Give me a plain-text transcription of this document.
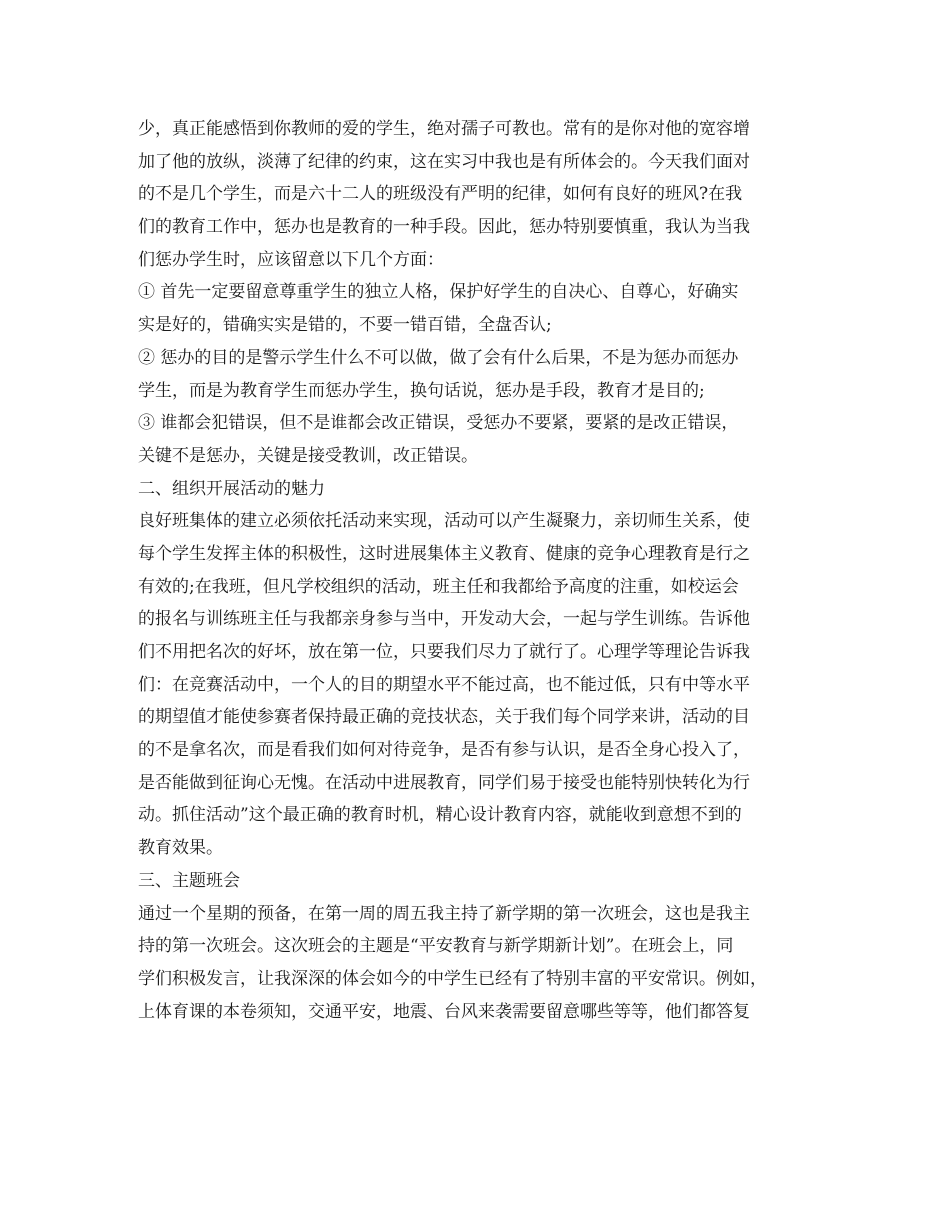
少，真正能感悟到你教师的爱的学生，绝对孺子可教也。常有的是你对他的宽容增
加了他的放纵，淡薄了纪律的约束，这在实习中我也是有所体会的。今天我们面对
的不是几个学生，而是六十二人的班级没有严明的纪律，如何有良好的班风?在我
们的教育工作中，惩办也是教育的一种手段。因此，惩办特别要慎重，我认为当我
们惩办学生时，应该留意以下几个方面：
① 首先一定要留意尊重学生的独立人格，保护好学生的自决心、自尊心，好确实
实是好的，错确实实是错的，不要一错百错，全盘否认;
② 惩办的目的是警示学生什么不可以做，做了会有什么后果，不是为惩办而惩办
学生，而是为教育学生而惩办学生，换句话说，惩办是手段，教育才是目的;
③ 谁都会犯错误，但不是谁都会改正错误，受惩办不要紧，要紧的是改正错误，
关键不是惩办，关键是接受教训，改正错误。
二、组织开展活动的魅力
良好班集体的建立必须依托活动来实现，活动可以产生凝聚力，亲切师生关系，使
每个学生发挥主体的积极性，这时进展集体主义教育、健康的竞争心理教育是行之
有效的;在我班，但凡学校组织的活动，班主任和我都给予高度的注重，如校运会
的报名与训练班主任与我都亲身参与当中，开发动大会，一起与学生训练。告诉他
们不用把名次的好坏，放在第一位，只要我们尽力了就行了。心理学等理论告诉我
们：在竞赛活动中，一个人的目的期望水平不能过高，也不能过低，只有中等水平
的期望值才能使参赛者保持最正确的竞技状态，关于我们每个同学来讲，活动的目
的不是拿名次，而是看我们如何对待竞争，是否有参与认识，是否全身心投入了，
是否能做到征询心无愧。在活动中进展教育，同学们易于接受也能特别快转化为行
动。抓住活动”这个最正确的教育时机，精心设计教育内容，就能收到意想不到的
教育效果。
三、主题班会
通过一个星期的预备，在第一周的周五我主持了新学期的第一次班会，这也是我主
持的第一次班会。这次班会的主题是“平安教育与新学期新计划”。在班会上，同
学们积极发言，让我深深的体会如今的中学生已经有了特别丰富的平安常识。例如，
上体育课的本卷须知，交通平安，地震、台风来袭需要留意哪些等等，他们都答复
